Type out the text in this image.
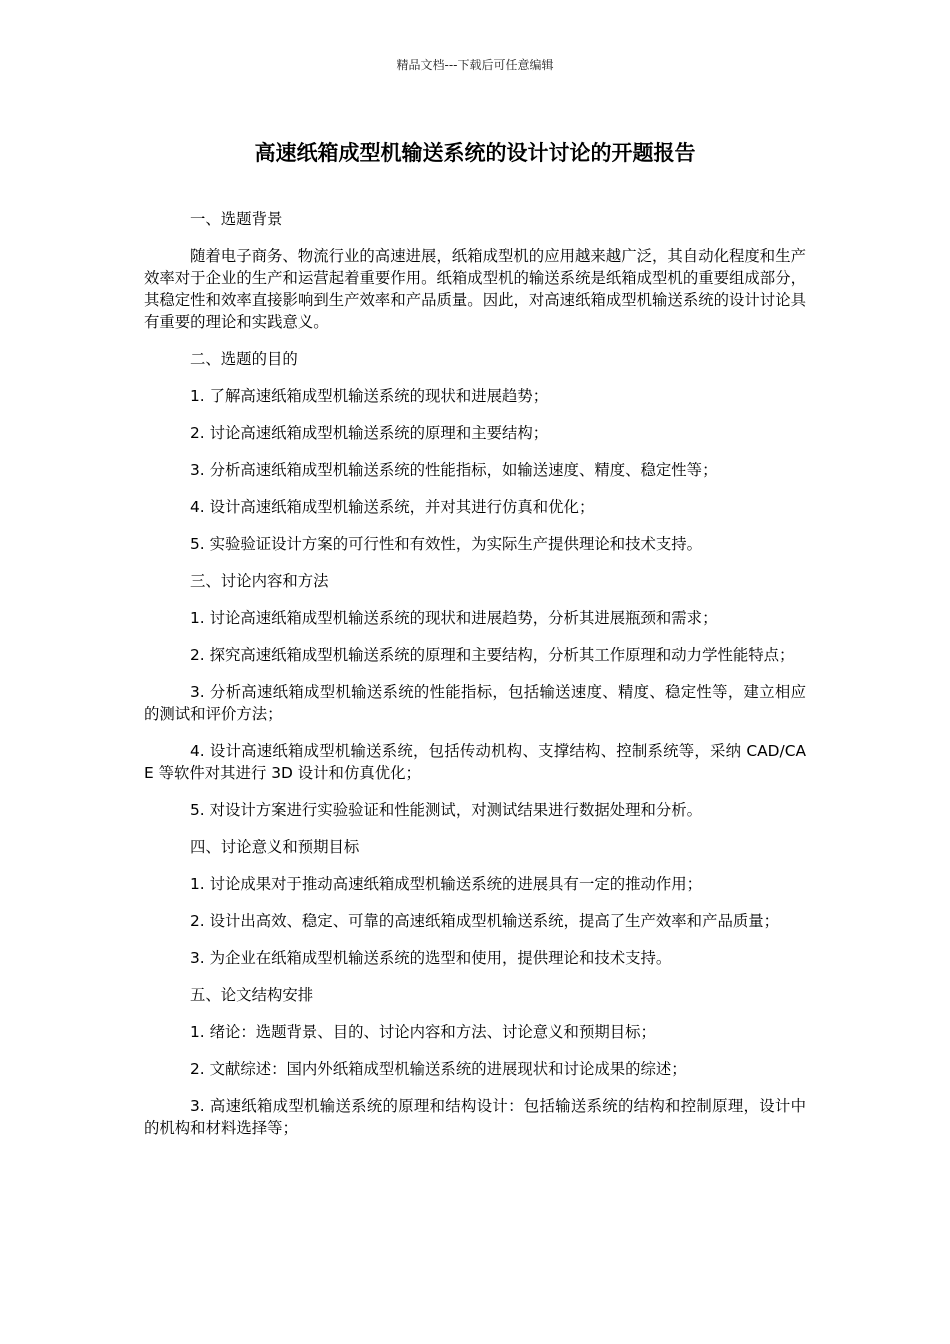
精品文档---下载后可任意编辑
高速纸箱成型机输送系统的设计讨论的开题报告

一、选题背景

随着电子商务、物流行业的高速进展，纸箱成型机的应用越来越广泛，其自动化程度和生产效率对于企业的生产和运营起着重要作用。纸箱成型机的输送系统是纸箱成型机的重要组成部分，其稳定性和效率直接影响到生产效率和产品质量。因此，对高速纸箱成型机输送系统的设计讨论具有重要的理论和实践意义。

二、选题的目的

1. 了解高速纸箱成型机输送系统的现状和进展趋势；

2. 讨论高速纸箱成型机输送系统的原理和主要结构；

3. 分析高速纸箱成型机输送系统的性能指标，如输送速度、精度、稳定性等；

4. 设计高速纸箱成型机输送系统，并对其进行仿真和优化；

5. 实验验证设计方案的可行性和有效性，为实际生产提供理论和技术支持。

三、讨论内容和方法

1. 讨论高速纸箱成型机输送系统的现状和进展趋势，分析其进展瓶颈和需求；

2. 探究高速纸箱成型机输送系统的原理和主要结构，分析其工作原理和动力学性能特点；

3. 分析高速纸箱成型机输送系统的性能指标，包括输送速度、精度、稳定性等，建立相应的测试和评价方法；

4. 设计高速纸箱成型机输送系统，包括传动机构、支撑结构、控制系统等，采纳 CAD/CAE 等软件对其进行 3D 设计和仿真优化；

5. 对设计方案进行实验验证和性能测试，对测试结果进行数据处理和分析。

四、讨论意义和预期目标

1. 讨论成果对于推动高速纸箱成型机输送系统的进展具有一定的推动作用；

2. 设计出高效、稳定、可靠的高速纸箱成型机输送系统，提高了生产效率和产品质量；

3. 为企业在纸箱成型机输送系统的选型和使用，提供理论和技术支持。

五、论文结构安排

1. 绪论：选题背景、目的、讨论内容和方法、讨论意义和预期目标；

2. 文献综述：国内外纸箱成型机输送系统的进展现状和讨论成果的综述；

3. 高速纸箱成型机输送系统的原理和结构设计：包括输送系统的结构和控制原理，设计中的机构和材料选择等；
